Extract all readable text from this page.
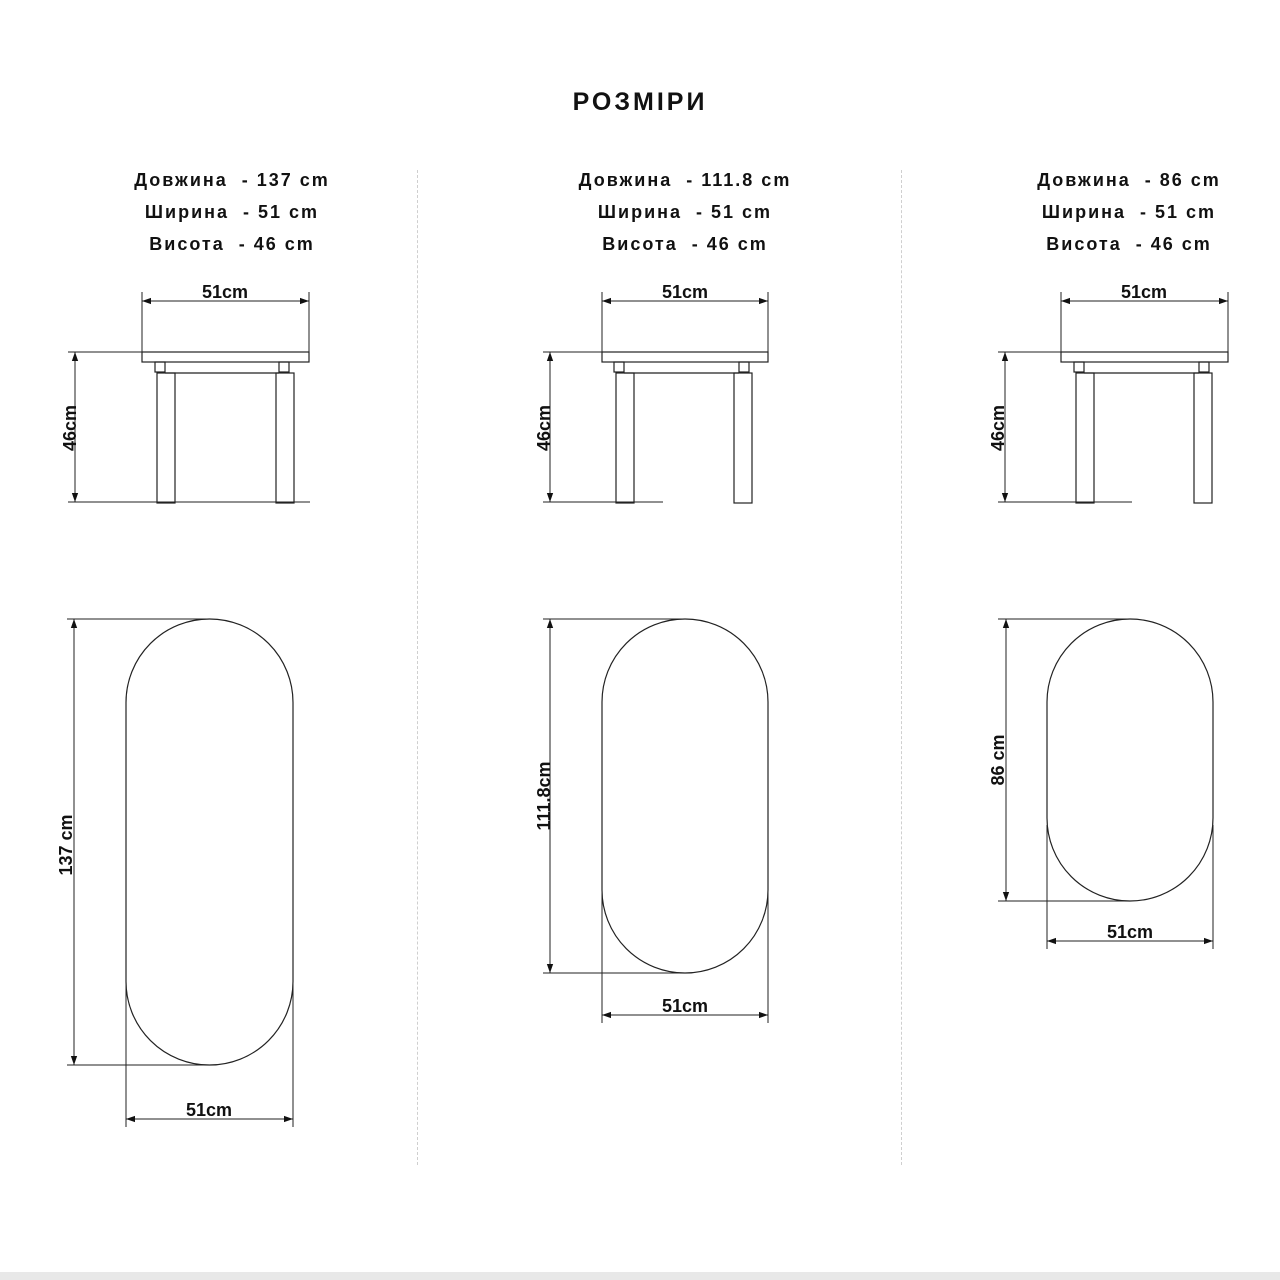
РОЗМІРИ
Довжина - 137 cm
Ширина - 51 cm
Висота - 46 cm
Довжина - 111.8 cm
Ширина - 51 cm
Висота - 46 cm
Довжина - 86 cm
Ширина - 51 cm
Висота - 46 cm
51cm
46cm
137 cm
51cm
51cm
46cm
111.8cm
51cm
51cm
46cm
86 cm
51cm
